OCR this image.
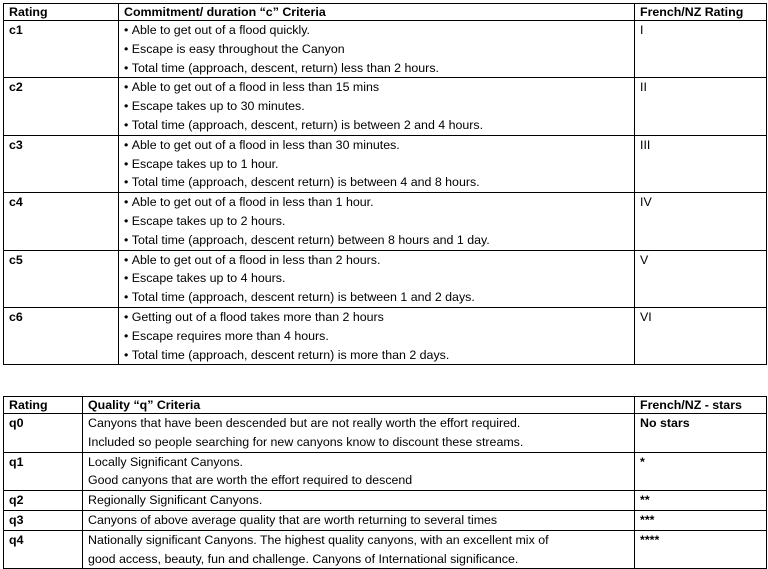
Rating	Commitment/ duration “c” Criteria	French/NZ Rating
c1	• Able to get out of a flood quickly.
• Escape is easy throughout the Canyon
• Total time (approach, descent, return) less than 2 hours.	I
c2	• Able to get out of a flood in less than 15 mins
• Escape takes up to 30 minutes.
• Total time (approach, descent, return) is between 2 and 4 hours.	II
c3	• Able to get out of a flood in less than 30 minutes.
• Escape takes up to 1 hour.
• Total time (approach, descent return) is between 4 and 8 hours.	III
c4	• Able to get out of a flood in less than 1 hour.
• Escape takes up to 2 hours.
• Total time (approach, descent return) between 8 hours and 1 day.	IV
c5	• Able to get out of a flood in less than 2 hours.
• Escape takes up to 4 hours.
• Total time (approach, descent return) is between 1 and 2 days.	V
c6	• Getting out of a flood takes more than 2 hours
• Escape requires more than 4 hours.
• Total time (approach, descent return) is more than 2 days.	VI
Rating	Quality “q” Criteria	French/NZ - stars
q0	Canyons that have been descended but are not really worth the effort required.
Included so people searching for new canyons know to discount these streams.	No stars
q1	Locally Significant Canyons.
Good canyons that are worth the effort required to descend	*
q2	Regionally Significant Canyons.	**
q3	Canyons of above average quality that are worth returning to several times	***
q4	Nationally significant Canyons. The highest quality canyons, with an excellent mix of
good access, beauty, fun and challenge. Canyons of International significance.	****
